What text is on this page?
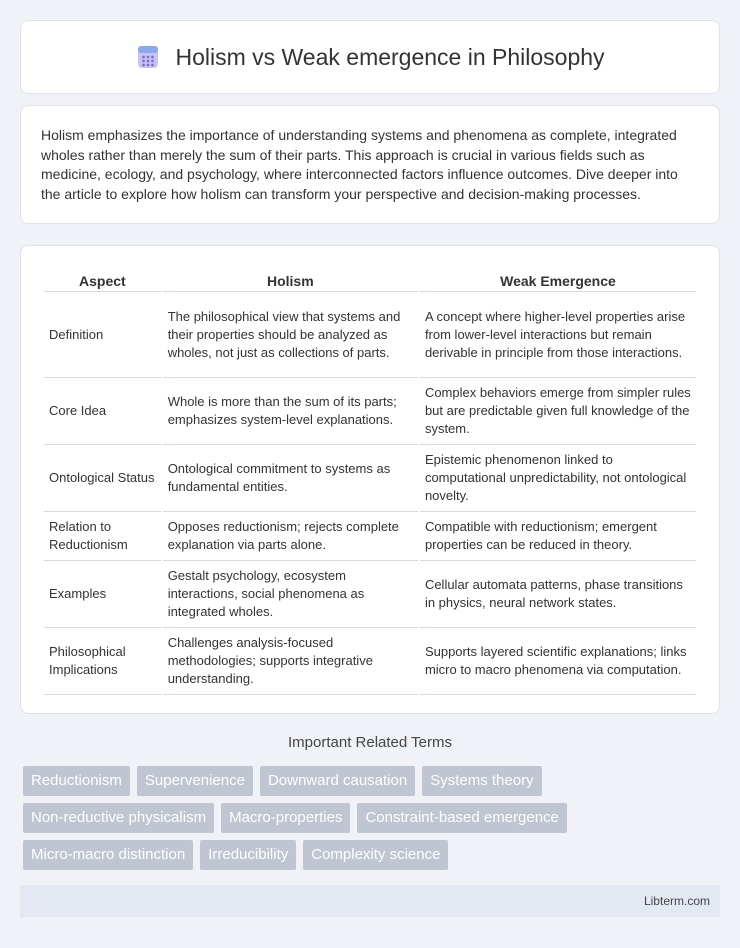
Holism vs Weak emergence in Philosophy

Holism emphasizes the importance of understanding systems and phenomena as complete, integrated wholes rather than merely the sum of their parts. This approach is crucial in various fields such as medicine, ecology, and psychology, where interconnected factors influence outcomes. Dive deeper into the article to explore how holism can transform your perspective and decision-making processes.

Aspect	Holism	Weak Emergence
Definition	The philosophical view that systems and their properties should be analyzed as wholes, not just as collections of parts.	A concept where higher-level properties arise from lower-level interactions but remain derivable in principle from those interactions.
Core Idea	Whole is more than the sum of its parts; emphasizes system-level explanations.	Complex behaviors emerge from simpler rules but are predictable given full knowledge of the system.
Ontological Status	Ontological commitment to systems as fundamental entities.	Epistemic phenomenon linked to computational unpredictability, not ontological novelty.
Relation to Reductionism	Opposes reductionism; rejects complete explanation via parts alone.	Compatible with reductionism; emergent properties can be reduced in theory.
Examples	Gestalt psychology, ecosystem interactions, social phenomena as integrated wholes.	Cellular automata patterns, phase transitions in physics, neural network states.
Philosophical Implications	Challenges analysis-focused methodologies; supports integrative understanding.	Supports layered scientific explanations; links micro to macro phenomena via computation.
Important Related Terms
Reductionism	Supervenience	Downward causation	Systems theory
Non-reductive physicalism	Macro-properties	Constraint-based emergence
Micro-macro distinction	Irreducibility	Complexity science
Libterm.com
